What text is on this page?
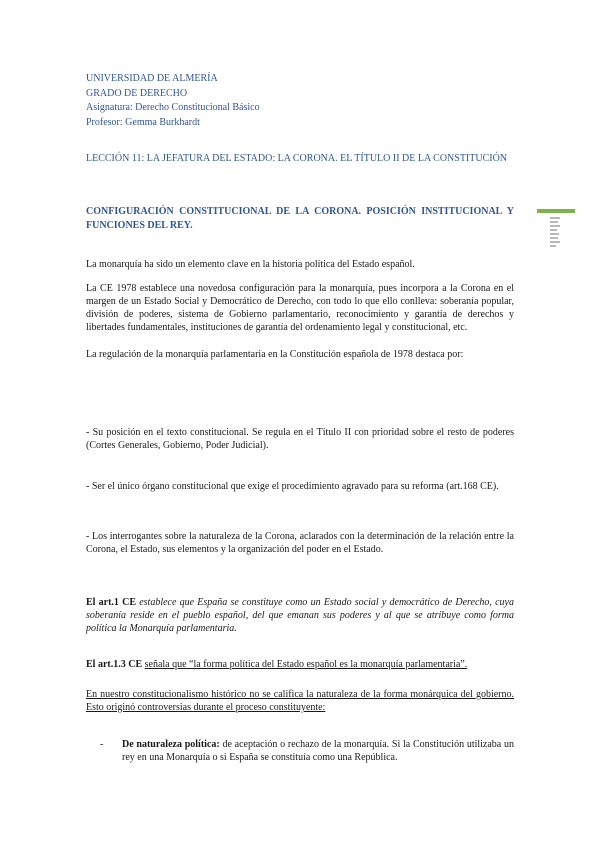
UNIVERSIDAD DE ALMERÍA
GRADO DE DERECHO
Asignatura: Derecho Constitucional Básico
Profesor: Gemma Burkhardt
LECCIÓN 11: LA JEFATURA DEL ESTADO: LA CORONA. EL TÍTULO II DE LA CONSTITUCIÓN
CONFIGURACIÓN CONSTITUCIONAL DE LA CORONA. POSICIÓN INSTITUCIONAL Y FUNCIONES DEL REY.
La monarquía ha sido un elemento clave en la historia política del Estado español.
La CE 1978 establece una novedosa configuración para la monarquía, pues incorpora a la Corona en el margen de un Estado Social y Democrático de Derecho, con todo lo que ello conlleva: soberanía popular, división de poderes, sistema de Gobierno parlamentario, reconocimiento y garantía de derechos y libertades fundamentales, instituciones de garantía del ordenamiento legal y constitucional, etc.
La regulación de la monarquía parlamentaria en la Constitución española de 1978 destaca por:
- Su posición en el texto constitucional. Se regula en el Título II con prioridad sobre el resto de poderes (Cortes Generales, Gobierno, Poder Judicial).
- Ser el único órgano constitucional que exige el procedimiento agravado para su reforma (art.168 CE).
- Los interrogantes sobre la naturaleza de la Corona, aclarados con la determinación de la relación entre la Corona, el Estado, sus elementos y la organización del poder en el Estado.
El art.1 CE establece que España se constituye como un Estado social y democrático de Derecho, cuya soberanía reside en el pueblo español, del que emanan sus poderes y al que se atribuye como forma política la Monarquía parlamentaria.
El art.1.3 CE señala que “la forma política del Estado español es la monarquía parlamentaria”.
En nuestro constitucionalismo histórico no se califica la naturaleza de la forma monárquica del gobierno. Esto originó controversias durante el proceso constituyente:
- De naturaleza política: de aceptación o rechazo de la monarquía. Si la Constitución utilizaba un rey en una Monarquía o si España se constituía como una República.
